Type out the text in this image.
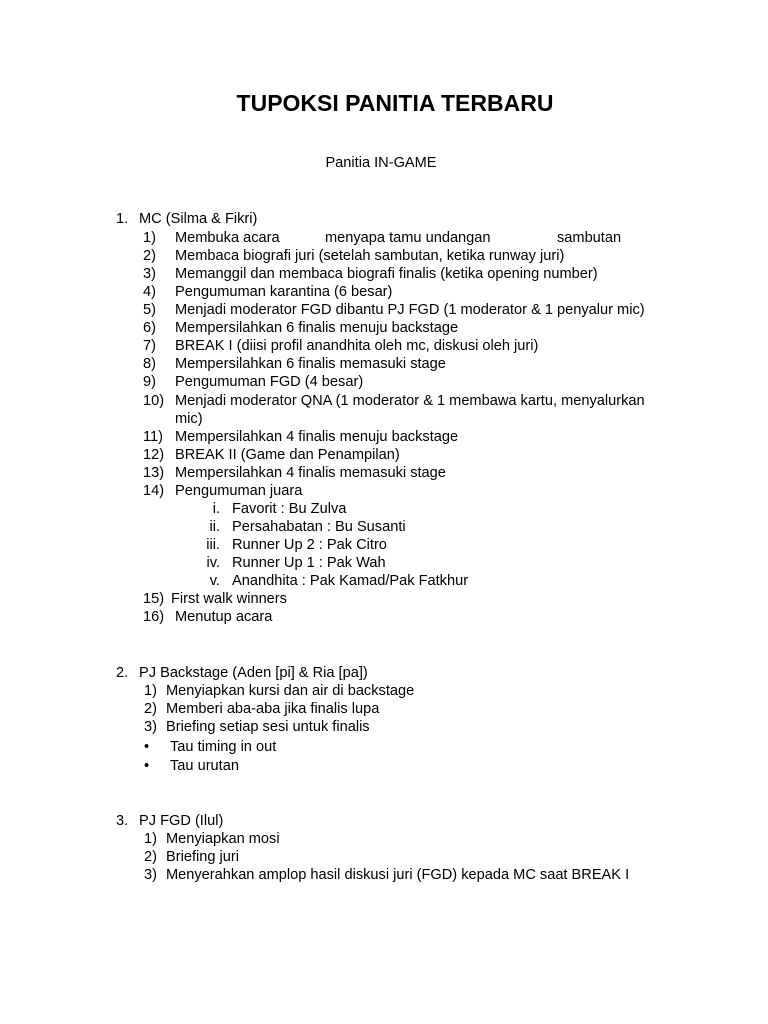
TUPOKSI PANITIA TERBARU
Panitia IN-GAME
1. MC (Silma & Fikri)
1) Membuka acara	menyapa tamu undangan	sambutan
2) Membaca biografi juri (setelah sambutan, ketika runway juri)
3) Memanggil dan membaca biografi finalis (ketika opening number)
4) Pengumuman karantina (6 besar)
5) Menjadi moderator FGD dibantu PJ FGD (1 moderator & 1 penyalur mic)
6) Mempersilahkan 6 finalis menuju backstage
7) BREAK I (diisi profil anandhita oleh mc, diskusi oleh juri)
8) Mempersilahkan 6 finalis memasuki stage
9) Pengumuman FGD (4 besar)
10) Menjadi moderator QNA (1 moderator & 1 membawa kartu, menyalurkan
mic)
11) Mempersilahkan 4 finalis menuju backstage
12) BREAK II (Game dan Penampilan)
13) Mempersilahkan 4 finalis memasuki stage
14) Pengumuman juara
i. Favorit : Bu Zulva
ii. Persahabatan : Bu Susanti
iii. Runner Up 2 : Pak Citro
iv. Runner Up 1 : Pak Wah
v. Anandhita : Pak Kamad/Pak Fatkhur
15) First walk winners
16) Menutup acara
2. PJ Backstage (Aden [pi] & Ria [pa])
1) Menyiapkan kursi dan air di backstage
2) Memberi aba-aba jika finalis lupa
3) Briefing setiap sesi untuk finalis
• Tau timing in out
• Tau urutan
3. PJ FGD (Ilul)
1) Menyiapkan mosi
2) Briefing juri
3) Menyerahkan amplop hasil diskusi juri (FGD) kepada MC saat BREAK I
